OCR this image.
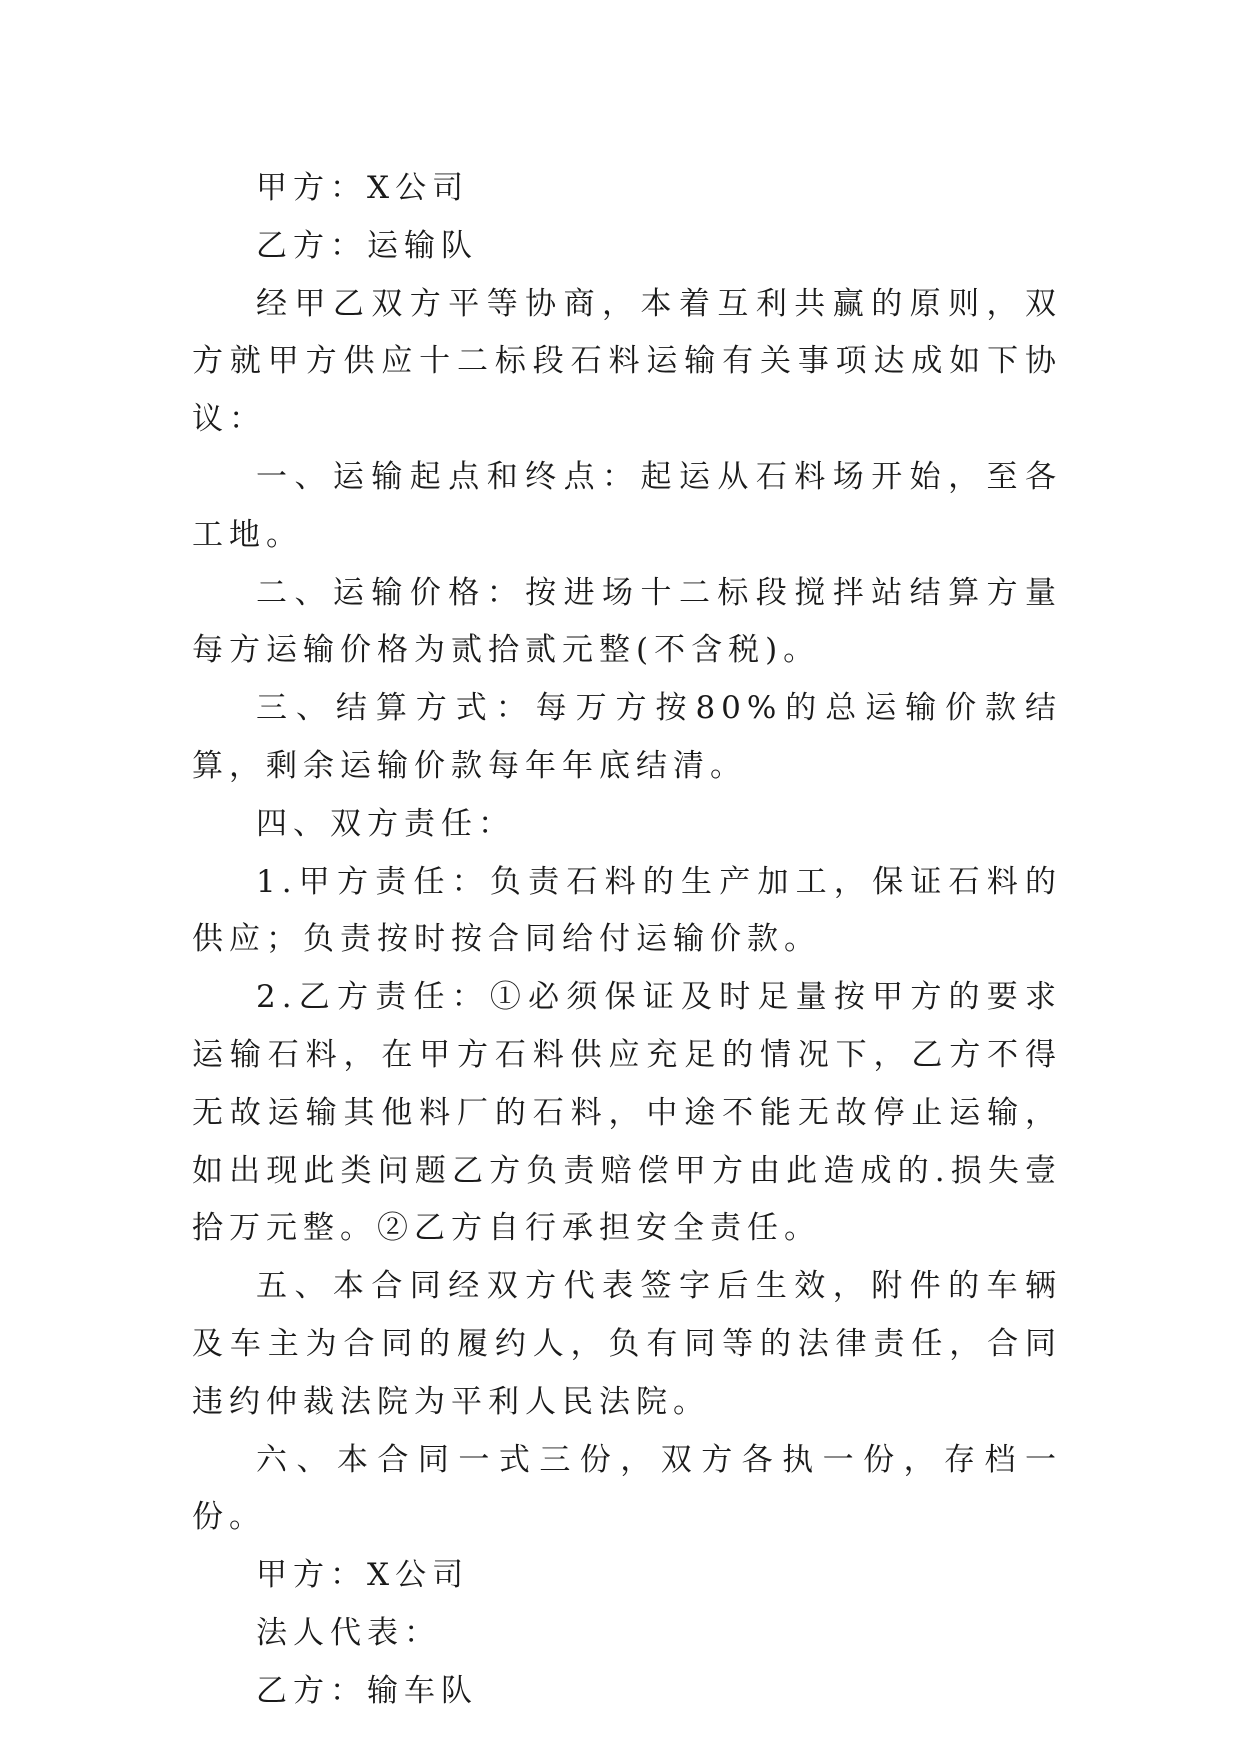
甲方：X公司

乙方：运输队

经甲乙双方平等协商，本着互利共赢的原则，双方就甲方供应十二标段石料运输有关事项达成如下协议：

一、运输起点和终点：起运从石料场开始，至各工地。

二、运输价格：按进场十二标段搅拌站结算方量每方运输价格为贰拾贰元整(不含税)。

三、结算方式：每万方按80%的总运输价款结算，剩余运输价款每年年底结清。

四、双方责任：

1.甲方责任：负责石料的生产加工，保证石料的供应；负责按时按合同给付运输价款。

2.乙方责任：①必须保证及时足量按甲方的要求运输石料，在甲方石料供应充足的情况下，乙方不得无故运输其他料厂的石料，中途不能无故停止运输，如出现此类问题乙方负责赔偿甲方由此造成的.损失壹拾万元整。②乙方自行承担安全责任。

五、本合同经双方代表签字后生效，附件的车辆及车主为合同的履约人，负有同等的法律责任，合同违约仲裁法院为平利人民法院。

六、本合同一式三份，双方各执一份，存档一份。

甲方：X公司

法人代表：

乙方：输车队
